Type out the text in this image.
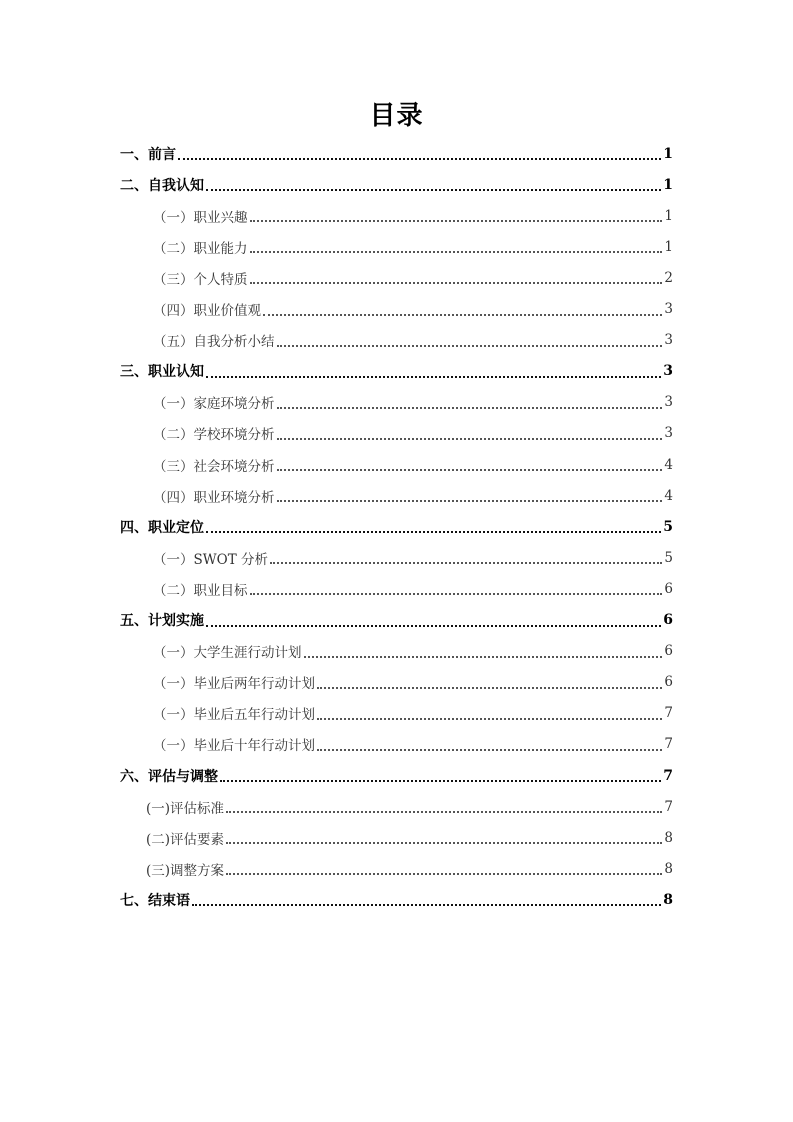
目录
一、前言	1
二、自我认知	1
（一）职业兴趣	1
（二）职业能力	1
（三）个人特质	2
（四）职业价值观	3
（五）自我分析小结	3
三、职业认知	3
（一）家庭环境分析	3
（二）学校环境分析	3
（三）社会环境分析	4
（四）职业环境分析	4
四、职业定位	5
（一）SWOT 分析	5
（二）职业目标	6
五、计划实施	6
（一）大学生涯行动计划	6
（一）毕业后两年行动计划	6
（一）毕业后五年行动计划	7
（一）毕业后十年行动计划	7
六、评估与调整	7
(一)评估标准	7
(二)评估要素	8
(三)调整方案	8
七、结束语	8
